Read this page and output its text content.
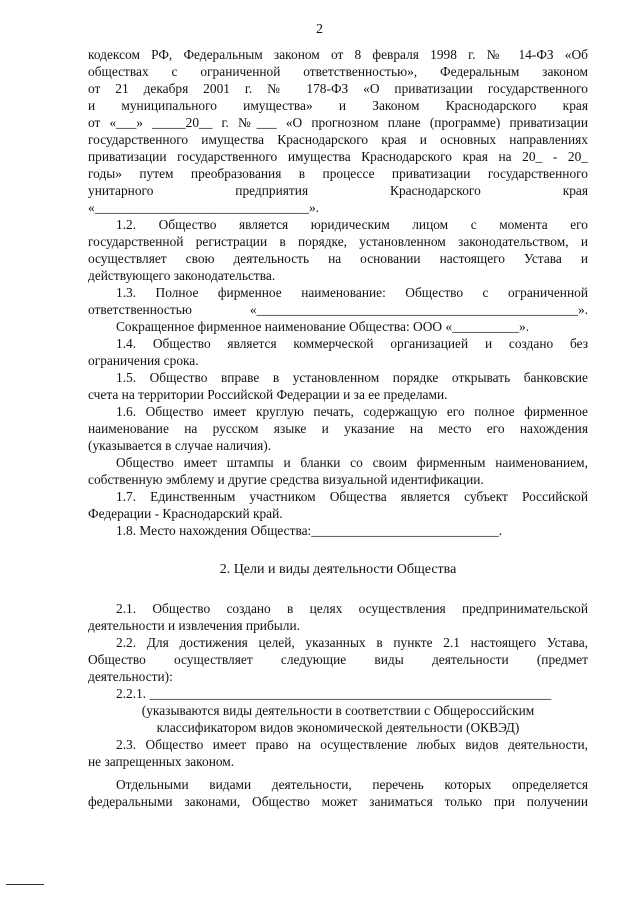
2

кодексом РФ, Федеральным законом от 8 февраля 1998 г. № 14-ФЗ «Об

обществах с ограниченной ответственностью», Федеральным законом

от 21 декабря 2001 г. № 178-ФЗ «О приватизации государственного

и муниципального имущества» и Законом Краснодарского края

от «___» _____20__ г. №___ «О прогнозном плане (программе) приватизации

государственного имущества Краснодарского края и основных направлениях

приватизации государственного имущества Краснодарского края на 20_ - 20_

годы» путем преобразования в процессе приватизации государственного

унитарного предприятия Краснодарского края

«________________________________».

1.2. Общество является юридическим лицом с момента его

государственной регистрации в порядке, установленном законодательством, и

осуществляет свою деятельность на основании настоящего Устава и

действующего законодательства.

1.3. Полное фирменное наименование: Общество с ограниченной

ответственностью «________________________________________________».

Сокращенное фирменное наименование Общества: ООО «__________».

1.4. Общество является коммерческой организацией и создано без

ограничения срока.

1.5. Общество вправе в установленном порядке открывать банковские

счета на территории Российской Федерации и за ее пределами.

1.6. Общество имеет круглую печать, содержащую его полное фирменное

наименование на русском языке и указание на место его нахождения

(указывается в случае наличия).

Общество имеет штампы и бланки со своим фирменным наименованием,

собственную эмблему и другие средства визуальной идентификации.

1.7. Единственным участником Общества является субъект Российской

Федерации - Краснодарский край.

1.8. Место нахождения Общества:____________________________.

2. Цели и виды деятельности Общества

2.1. Общество создано в целях осуществления предпринимательской

деятельности и извлечения прибыли.

2.2. Для достижения целей, указанных в пункте 2.1 настоящего Устава,

Общество осуществляет следующие виды деятельности (предмет

деятельности):

2.2.1. ____________________________________________________________

(указываются виды деятельности в соответствии с Общероссийским

классификатором видов экономической деятельности (ОКВЭД)

2.3. Общество имеет право на осуществление любых видов деятельности,

не запрещенных законом.

Отдельными видами деятельности, перечень которых определяется

федеральными законами, Общество может заниматься только при получении
